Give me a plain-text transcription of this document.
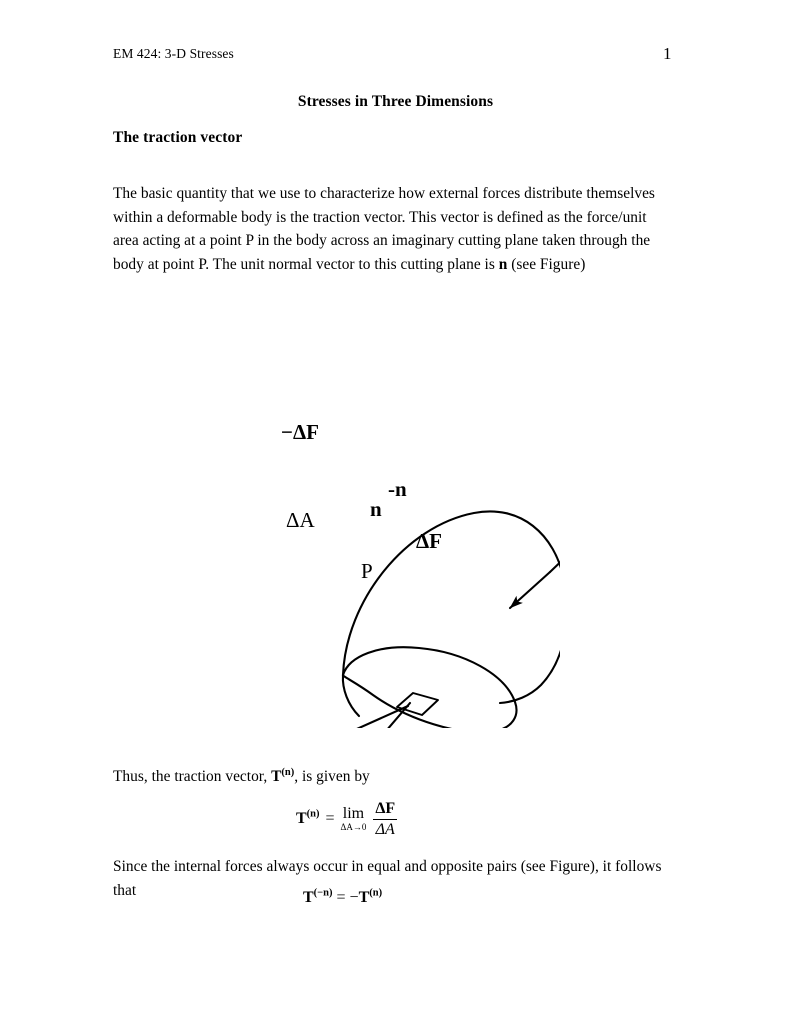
EM 424: 3-D Stresses	1
Stresses in Three Dimensions
The traction vector
The basic quantity that we use to characterize how external forces distribute themselves within a deformable body is the traction vector. This vector is defined as the force/unit area acting at a point P in the body across an imaginary cutting plane taken through the body at point P. The unit normal vector to this cutting plane is n (see Figure)
−ΔF
-n
ΔA	n
ΔF
P
Thus, the traction vector, $T^{(n)}$, is given by
$T^{(n)} = \lim$
$\Delta A\to 0 \frac{\Delta F}{\Delta A}$
Since the internal forces always occur in equal and opposite pairs (see Figure), it follows that	$T^{(-n)} = -T^{(n)}$
